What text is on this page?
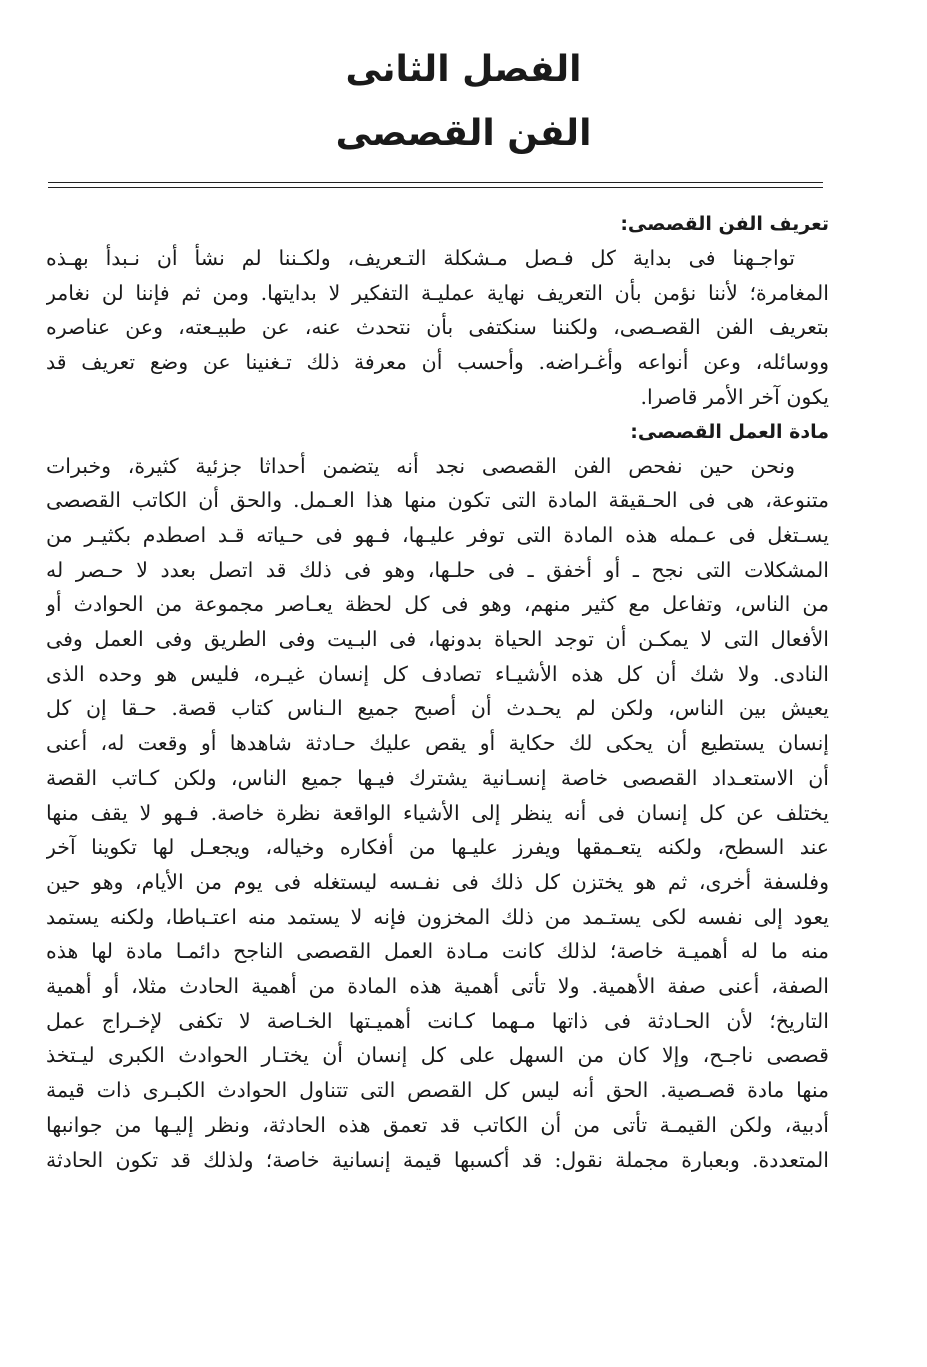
الفصل الثانى
الفن القصصى
تعريف الفن القصصى:
تواجـهنا فى بداية كل فـصل مـشكلة التـعريف، ولكـننا لم نشأ أن نـبدأ بهـذه
المغامرة؛ لأننا نؤمن بأن التعريف نهاية عمليـة التفكير لا بدايتها. ومن ثم فإننا لن نغامر
بتعريف الفن القصـصى، ولكننا سنكتفى بأن نتحدث عنه، عن طبيـعته، وعن عناصره
ووسائله، وعن أنواعه وأغـراضه. وأحسب أن معرفة ذلك تـغنينا عن وضع تعريف قد
يكون آخر الأمر قاصرا.
مادة العمل القصصى:
ونحن حين نفحص الفن القصصى نجد أنه يتضمن أحداثا جزئية كثيرة، وخبرات
متنوعة، هى فى الحـقيقة المادة التى تكون منها هذا العـمل. والحق أن الكاتب القصصى
يسـتغل فى عـمله هذه المادة التى توفر عليـها، فـهو فى حـياته قـد اصطدم بكثيـر من
المشكلات التى نجح ـ أو أخفق ـ فى حلـها، وهو فى ذلك قد اتصل بعدد لا حـصر له
من الناس، وتفاعل مع كثير منهم، وهو فى كل لحظة يعـاصر مجموعة من الحوادث أو
الأفعال التى لا يمكـن أن توجد الحياة بدونها، فى البـيت وفى الطريق وفى العمل وفى
النادى. ولا شك أن كل هذه الأشيـاء تصادف كل إنسان غيـره، فليس هو وحده الذى
يعيش بين الناس، ولكن لم يحـدث أن أصبح جميع الـناس كتاب قصة. حـقا إن كل
إنسان يستطيع أن يحكى لك حكاية أو يقص عليك حـادثة شاهدها أو وقعت له، أعنى
أن الاستعـداد القصصى خاصة إنسـانية يشترك فيـها جميع الناس، ولكن كـاتب القصة
يختلف عن كل إنسان فى أنه ينظر إلى الأشياء الواقعة نظرة خاصة. فـهو لا يقف منها
عند السطح، ولكنه يتعـمقها ويفرز عليـها من أفكاره وخياله، ويجعـل لها تكوينا آخر
وفلسفة أخرى، ثم هو يختزن كل ذلك فى نفـسه ليستغله فى يوم من الأيام، وهو حين
يعود إلى نفسه لكى يستـمد من ذلك المخزون فإنه لا يستمد منه اعتـباطا، ولكنه يستمد
منه ما له أهميـة خاصة؛ لذلك كانت مـادة العمل القصصى الناجح دائمـا مادة لها هذه
الصفة، أعنى صفة الأهمية. ولا تأتى أهمية هذه المادة من أهمية الحادث مثلا، أو أهمية
التاريخ؛ لأن الحـادثة فى ذاتها مـهما كـانت أهميـتها الخـاصة لا تكفى لإخـراج عمل
قصصى ناجـح، وإلا كان من السهل على كل إنسان أن يختـار الحوادث الكبرى ليـتخذ
منها مادة قصـصية. الحق أنه ليس كل القصص التى تتناول الحوادث الكبـرى ذات قيمة
أدبية، ولكن القيمـة تأتى من أن الكاتب قد تعمق هذه الحادثة، ونظر إليـها من جوانبها
المتعددة. وبعبارة مجملة نقول: قد أكسبها قيمة إنسانية خاصة؛ ولذلك قد تكون الحادثة
